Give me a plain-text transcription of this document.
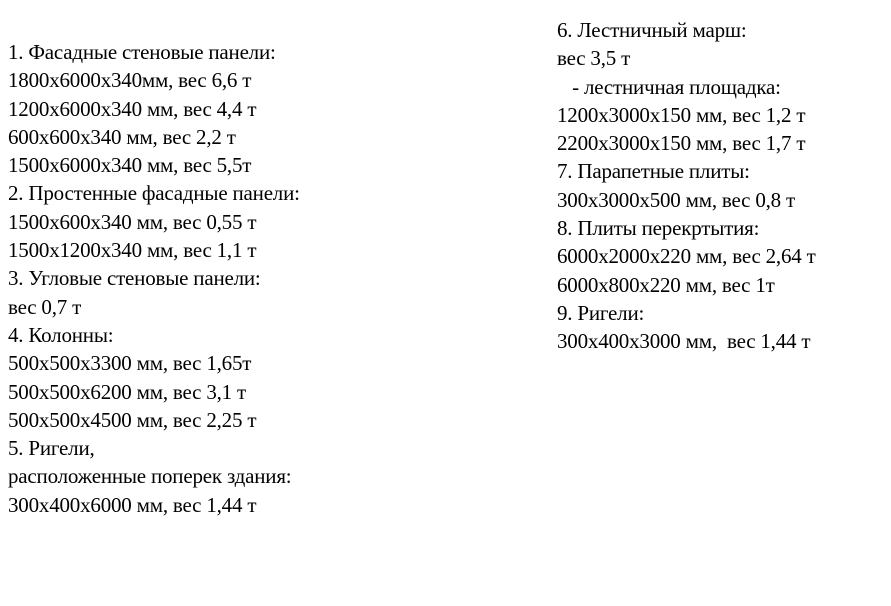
1. Фасадные стеновые панели:
1800х6000х340мм, вес 6,6 т
1200х6000х340 мм, вес 4,4 т
600х600х340 мм, вес 2,2 т
1500х6000х340 мм, вес 5,5т
2. Простенные фасадные панели:
1500х600х340 мм, вес 0,55 т
1500х1200х340 мм, вес 1,1 т
3. Угловые стеновые панели:
вес 0,7 т
4. Колонны:
500х500х3300 мм, вес 1,65т
500х500х6200 мм, вес 3,1 т
500х500х4500 мм, вес 2,25 т
5. Ригели,
расположенные поперек здания:
300х400х6000 мм, вес 1,44 т
6. Лестничный марш:
вес 3,5 т
- лестничная площадка:
1200х3000х150 мм, вес 1,2 т
2200х3000х150 мм, вес 1,7 т
7. Парапетные плиты:
300х3000х500 мм, вес 0,8 т
8. Плиты перекртытия:
6000х2000х220 мм, вес 2,64 т
6000х800х220 мм, вес 1т
9. Ригели:
300х400х3000 мм,  вес 1,44 т
